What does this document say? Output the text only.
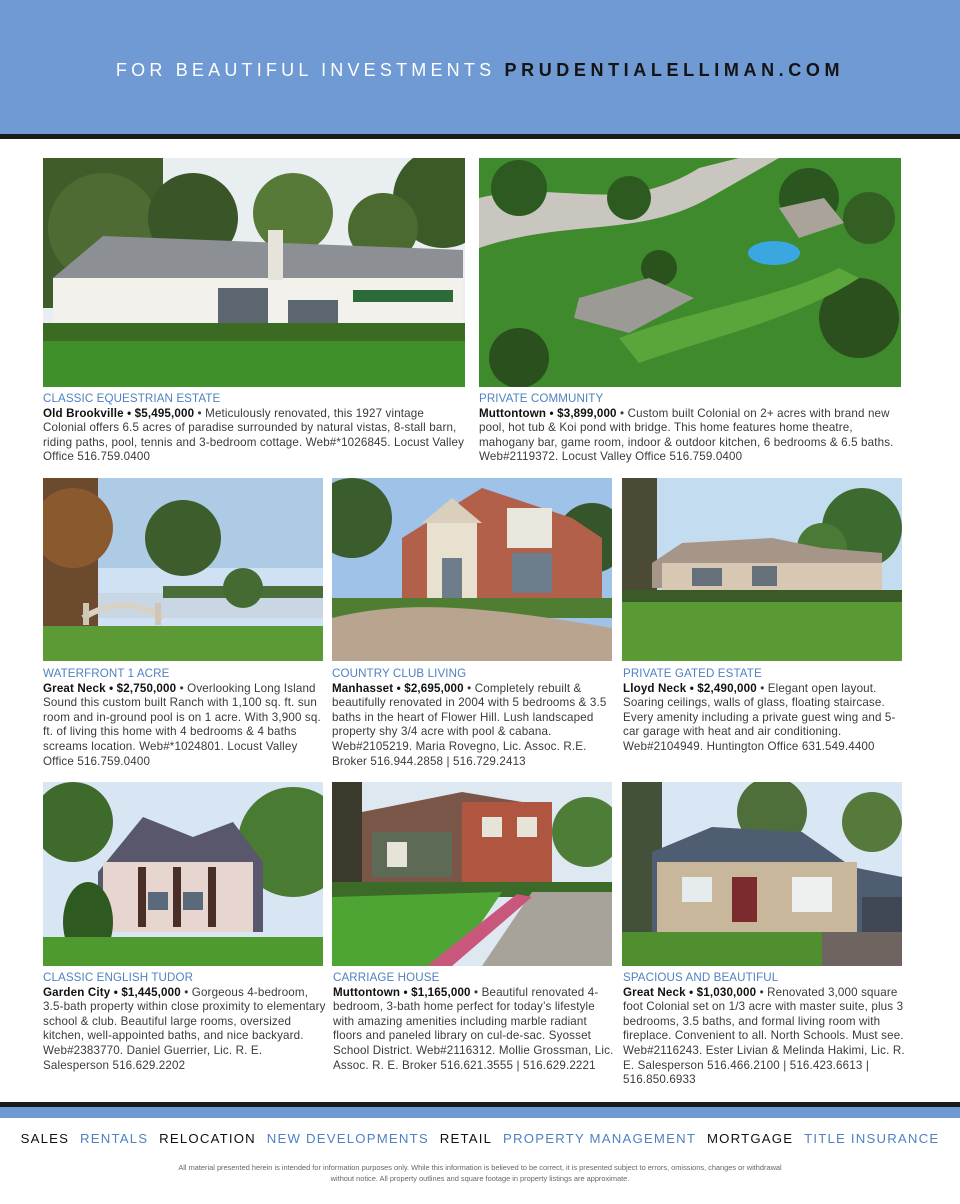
FOR BEAUTIFUL INVESTMENTS PRUDENTIALELLIMAN.COM
CLASSIC EQUESTRIAN ESTATE
Old Brookville • $5,495,000 • Meticulously renovated, this 1927 vintage Colonial offers 6.5 acres of paradise surrounded by natural vistas, 8-stall barn, riding paths, pool, tennis and 3-bedroom cottage. Web#*1026845. Locust Valley Office 516.759.0400
PRIVATE COMMUNITY
Muttontown • $3,899,000 • Custom built Colonial on 2+ acres with brand new pool, hot tub & Koi pond with bridge. This home features home theatre, mahogany bar, game room, indoor & outdoor kitchen, 6 bedrooms & 6.5 baths. Web#2119372. Locust Valley Office 516.759.0400
WATERFRONT 1 ACRE
Great Neck • $2,750,000 • Overlooking Long Island Sound this custom built Ranch with 1,100 sq. ft. sun room and in-ground pool is on 1 acre. With 3,900 sq. ft. of living this home with 4 bedrooms & 4 baths screams location. Web#*1024801. Locust Valley Office 516.759.0400
COUNTRY CLUB LIVING
Manhasset • $2,695,000 • Completely rebuilt & beautifully renovated in 2004 with 5 bedrooms & 3.5 baths in the heart of Flower Hill. Lush landscaped property shy 3/4 acre with pool & cabana. Web#2105219. Maria Rovegno, Lic. Assoc. R.E. Broker 516.944.2858 | 516.729.2413
PRIVATE GATED ESTATE
Lloyd Neck • $2,490,000 • Elegant open layout. Soaring ceilings, walls of glass, floating staircase. Every amenity including a private guest wing and 5-car garage with heat and air conditioning. Web#2104949. Huntington Office 631.549.4400
CLASSIC ENGLISH TUDOR
Garden City • $1,445,000 • Gorgeous 4-bedroom, 3.5-bath property within close proximity to elementary school & club. Beautiful large rooms, oversized kitchen, well-appointed baths, and nice backyard. Web#2383770. Daniel Guerrier, Lic. R. E. Salesperson 516.629.2202
CARRIAGE HOUSE
Muttontown • $1,165,000 • Beautiful renovated 4-bedroom, 3-bath home perfect for today’s lifestyle with amazing amenities including marble radiant floors and paneled library on cul-de-sac. Syosset School District. Web#2116312. Mollie Grossman, Lic. Assoc. R. E. Broker 516.621.3555 | 516.629.2221
SPACIOUS AND BEAUTIFUL
Great Neck • $1,030,000 • Renovated 3,000 square foot Colonial set on 1/3 acre with master suite, plus 3 bedrooms, 3.5 baths, and formal living room with fireplace. Convenient to all. North Schools. Must see. Web#2116243. Ester Livian & Melinda Hakimi, Lic. R. E. Salesperson 516.466.2100 | 516.423.6613 | 516.850.6933
SALES RENTALS RELOCATION NEW DEVELOPMENTS RETAIL PROPERTY MANAGEMENT MORTGAGE TITLE INSURANCE
All material presented herein is intended for information purposes only. While this information is believed to be correct, it is presented subject to errors, omissions, changes or withdrawal without notice. All property outlines and square footage in property listings are approximate.
